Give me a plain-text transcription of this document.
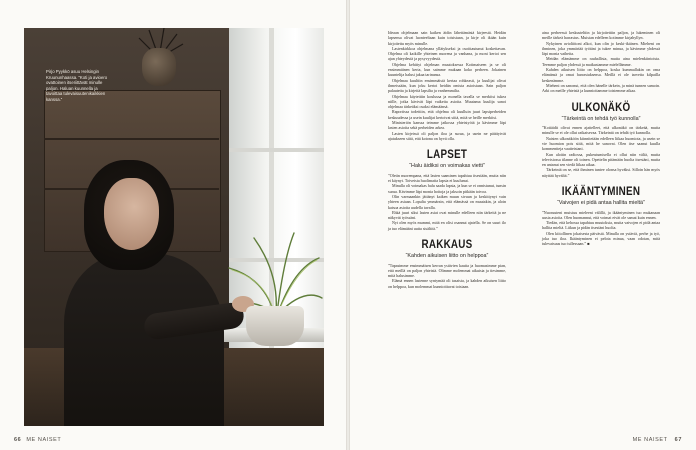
Pirjo Pyykkö asuu Helsingin Kruununhaassa. “Koti ja avioero ovattoinen itseriittävät minulle paljon. Haluan kuunnella ja tavoittaa tulevaisuutenikaikkien kanssa.”
66 ME NAISET

Ideaan ohjelmaan sain kaiken äidin lähettämästä kirjeestä. Heidän lapsensa olivat luonteeltaan kuin toisistaan, ja kirje oli ikään kuin kirjoitettu myös minulle.

Lastenkirkkoa ohjelmana yllätykseksi ja osoittautunut koskettavan. Ohjelma oli kaikille yhteinen nuorena ja vanhana, ja moni kertoi sen ajan yhteydestä ja pysyvyydestä.

Ohjelma kehittyi ohjelman muutoksessa Kotimaiseen ja se oli ensimmäinen kerta, kun saimme mukaan koko perheen. Jokainen kuuntelija halusi jakaa tarinansa.

Ohjelmaa kuultiin ensimmäistä kertaa rohkeasti, ja kuulijat olivat ihmeissään, kun joku kertoi heidän omista asioistaan. Sain paljon palautetta ja kirjeitä lapsilta ja vanhemmilta.

Ohjelmaa käytettiin koulussa ja monella tavalla se merkitsi tukea niille, jotka kävivät läpi vaikeita asioita. Muutama kuulija sanoi ohjelmaa tärkeäksi osaksi elämäänsä.

Raportissa todettiin, että ohjelma oli kuulluin juuri lapsiperheiden keskuudessa ja usein kuulijat kertoivat siitä, mitä se heille merkitsi.

Ministeriön kanssa teimme jatkossa yhteistyötä ja kävimme läpi lasten asioita sekä perheiden arkea.

Lasten kirjeissä oli paljon iloa ja surua, ja usein ne päättyivät ajatukseen siitä, että kotona on hyvä olla.

LAPSET
“Halu äidiksi on voimakas vietti”

”Oletin nuorempana, että lasten saaminen tapahtuu itsestään, mutta niin ei käynyt. Toiveista huolimatta lapsia ei kuulunut.

Minulla oli voimakas halu saada lapsia, ja kun se ei onnistunut, tunsin surua. Kävimme läpi monia hoitoja ja jaksoin pitkään toivoa.

Olin varmaankin jättänyt kaiken muun sivuun ja keskittynyt vain yhteen asiaan. Lopulta ymmärsin, että elämässä on muutakin, ja aloin katsoa asioita uudella tavalla.

Ehkä juuri siksi lasten asiat ovat minulle edelleen niin tärkeitä ja ne näkyvät työssäni.

Nyt olen myös mummi, mitä en olisi osannut ajatella. Se on suuri ilo ja tuo elämääni uutta sisältöä.”

RAKKAUS
“Kahden aikuisen liitto on helppoa”

”Tapasimme ensimmäisen kerran ystävien kautta ja huomasimme pian, että meillä on paljon yhteistä. Olimme molemmat aikuisia ja tiesimme, mitä halusimme.

Elämä ennen lastenne syntymää oli tasaista, ja kahden aikuisen liitto on helppoa, kun molemmat kunnioittavat toisiaan.

aina perheessä keskusteltiin ja kirjoitettiin paljon, ja lukeminen oli meille tärkeä harrastus. Muistan edelleen kotimme kirjahyllyn.

Nykyinen avioliittoni alkoi, kun olin jo keski-ikäinen. Mieheni on ihminen, joka ymmärtää työtäni ja tukee minua, ja kävimme yhdessä läpi monia vaiheita.

Meidän elämämme on rauhallista, mutta aina mielenkiintoista. Teemme paljon yhdessä ja matkustamme mielellämme.

Kahden aikuisen liitto on helppoa, koska kummallakin on oma elämänsä ja omat harrastuksensa. Meillä ei ole tarvetta kilpailla keskenämme.

Mieheni on sanonut, että olen hänelle tärkein, ja minä tunnen samoin. Arki on meille yhteistä ja kunnioitamme toistemme aikaa.

ULKONÄKÖ
“Tärkeintä on tehdä työ kunnolla”

”Kotiäidit olivat ennen ajattelleet, että ulkonäkö on tärkeää, mutta minulle se ei ole ollut ratkaisevaa. Tärkeintä on tehdä työ kunnolla.

Naisten ulkonäköön kiinnitetään edelleen liikaa huomiota, ja usein se vie huomion pois siitä, mitä he sanovat. Olen itse saanut kuulla kommentteja vaatteistani.

Kun aloitin radiossa, pukeutumisella ei ollut niin väliä, mutta televisiossa tilanne oli toinen. Opettelin pitämään huolta itsestäni, mutta en antanut sen viedä liikaa aikaa.

Tärkeintä on se, että ihminen tuntee olonsa hyväksi. Silloin hän myös näyttää hyvältä.”

IKÄÄNTYMINEN
“Vaivojen ei pidä antaa hallita mieltä”

”Nuoruuteni muistuu mieleeni välillä, ja ikääntyminen tuo mukanaan uusia asioita. Olen huomannut, että voimat eivät ole samat kuin ennen.

Tiedän, että kehossa tapahtuu muutoksia, mutta vaivojen ei pidä antaa hallita mieltä. Liikun ja pidän itsestäni huolta.

Olen kiitollinen jokaisesta päivästä. Minulla on ystäviä, perhe ja työ, joka tuo iloa. Ikääntyminen ei pelota minua, vaan odotan, mitä tulevaisuus tuo tullessaan.” ■

ME NAISET 67
